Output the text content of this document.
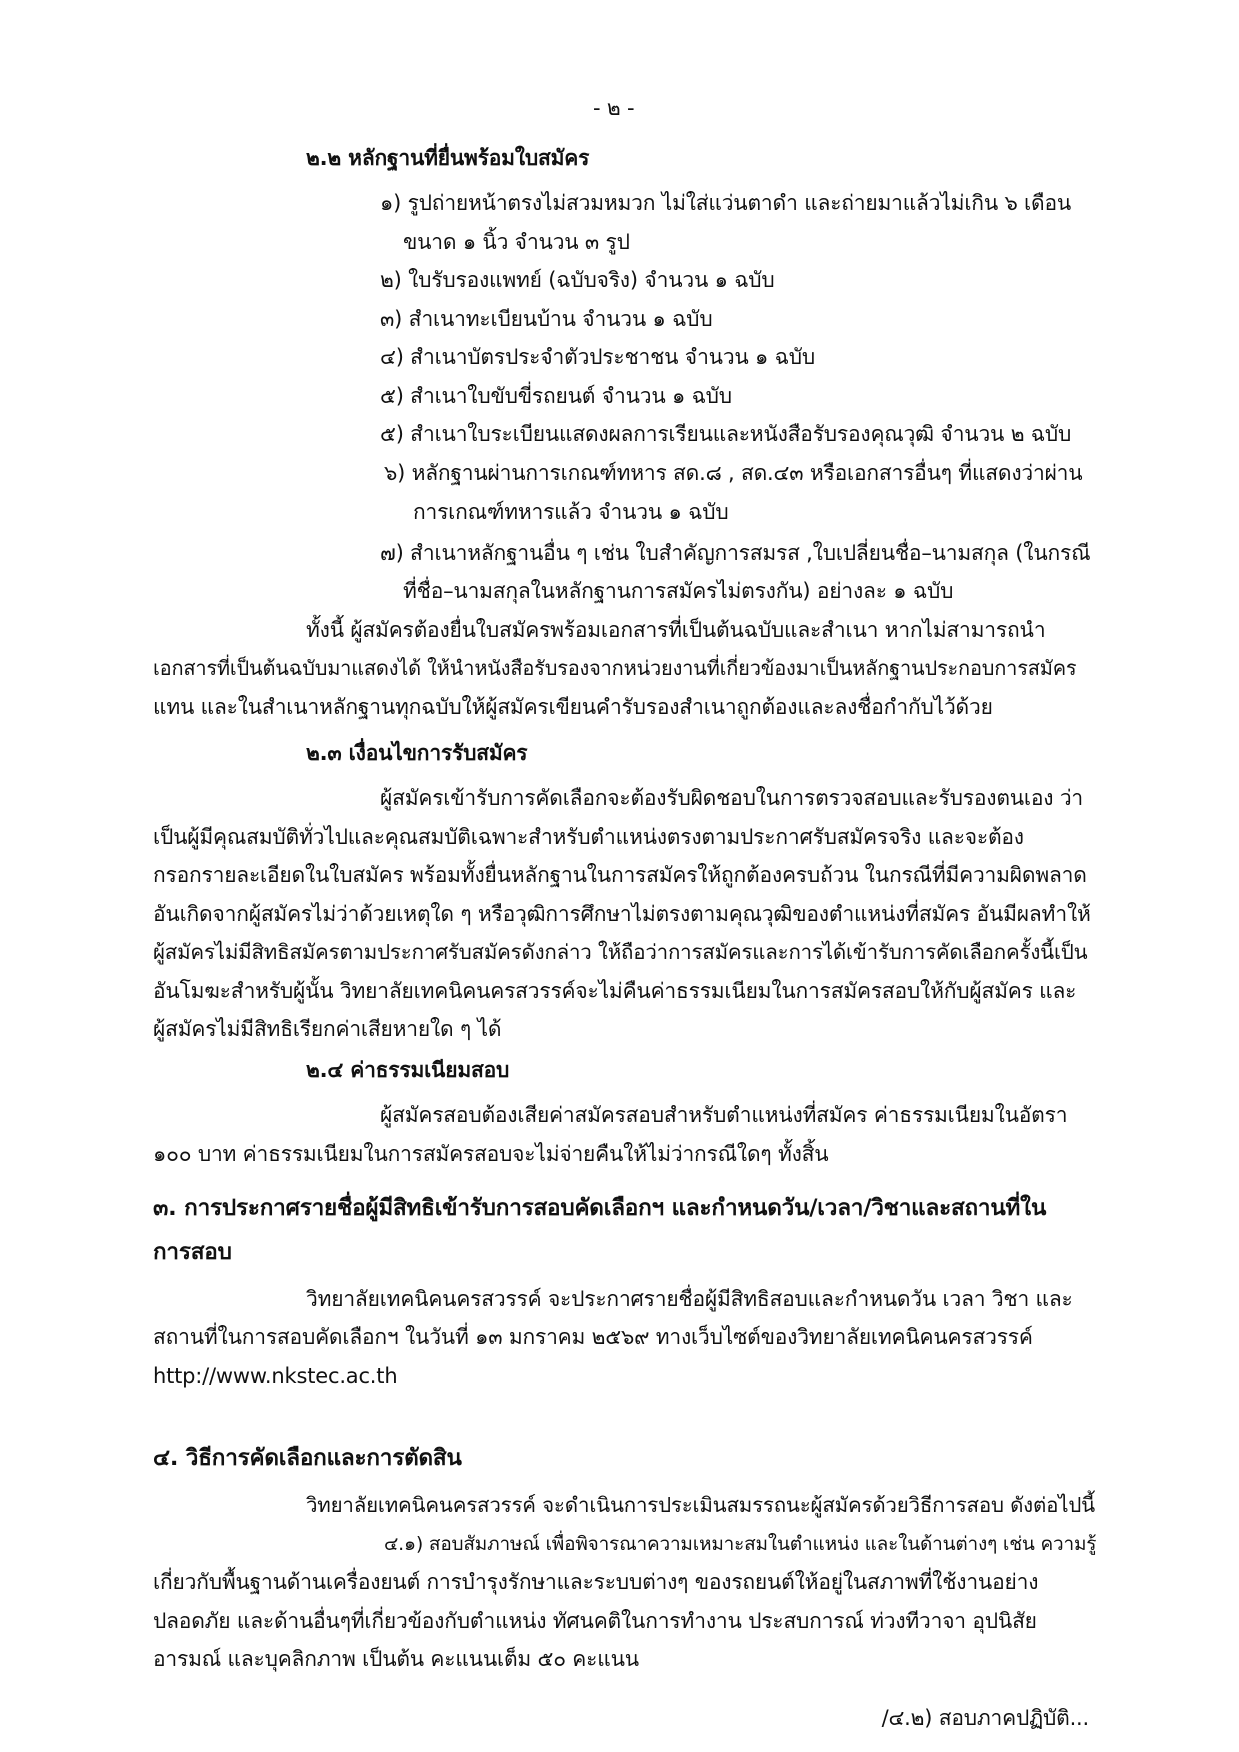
- ๒ -
๒.๒ หลักฐานที่ยื่นพร้อมใบสมัคร
๑) รูปถ่ายหน้าตรงไม่สวมหมวก ไม่ใส่แว่นตาดำ และถ่ายมาแล้วไม่เกิน ๖ เดือน
ขนาด ๑ นิ้ว จำนวน ๓ รูป
๒) ใบรับรองแพทย์ (ฉบับจริง) จำนวน ๑ ฉบับ
๓) สำเนาทะเบียนบ้าน จำนวน ๑ ฉบับ
๔) สำเนาบัตรประจำตัวประชาชน จำนวน ๑ ฉบับ
๕) สำเนาใบขับขี่รถยนต์ จำนวน ๑ ฉบับ
๕) สำเนาใบระเบียนแสดงผลการเรียนและหนังสือรับรองคุณวุฒิ จำนวน ๒ ฉบับ
๖) หลักฐานผ่านการเกณฑ์ทหาร สด.๘ , สด.๔๓ หรือเอกสารอื่นๆ ที่แสดงว่าผ่าน
การเกณฑ์ทหารแล้ว จำนวน ๑ ฉบับ
๗) สำเนาหลักฐานอื่น ๆ เช่น ใบสำคัญการสมรส ,ใบเปลี่ยนชื่อ–นามสกุล (ในกรณี
ที่ชื่อ–นามสกุลในหลักฐานการสมัครไม่ตรงกัน) อย่างละ ๑ ฉบับ
ทั้งนี้ ผู้สมัครต้องยื่นใบสมัครพร้อมเอกสารที่เป็นต้นฉบับและสำเนา หากไม่สามารถนำ
เอกสารที่เป็นต้นฉบับมาแสดงได้ ให้นำหนังสือรับรองจากหน่วยงานที่เกี่ยวข้องมาเป็นหลักฐานประกอบการสมัคร
แทน และในสำเนาหลักฐานทุกฉบับให้ผู้สมัครเขียนคำรับรองสำเนาถูกต้องและลงชื่อกำกับไว้ด้วย
๒.๓ เงื่อนไขการรับสมัคร
ผู้สมัครเข้ารับการคัดเลือกจะต้องรับผิดชอบในการตรวจสอบและรับรองตนเอง ว่า
เป็นผู้มีคุณสมบัติทั่วไปและคุณสมบัติเฉพาะสำหรับตำแหน่งตรงตามประกาศรับสมัครจริง และจะต้อง
กรอกรายละเอียดในใบสมัคร พร้อมทั้งยื่นหลักฐานในการสมัครให้ถูกต้องครบถ้วน ในกรณีที่มีความผิดพลาด
อันเกิดจากผู้สมัครไม่ว่าด้วยเหตุใด ๆ หรือวุฒิการศึกษาไม่ตรงตามคุณวุฒิของตำแหน่งที่สมัคร อันมีผลทำให้
ผู้สมัครไม่มีสิทธิสมัครตามประกาศรับสมัครดังกล่าว ให้ถือว่าการสมัครและการได้เข้ารับการคัดเลือกครั้งนี้เป็น
อันโมฆะสำหรับผู้นั้น วิทยาลัยเทคนิคนครสวรรค์จะไม่คืนค่าธรรมเนียมในการสมัครสอบให้กับผู้สมัคร และ
ผู้สมัครไม่มีสิทธิเรียกค่าเสียหายใด ๆ ได้
๒.๔ ค่าธรรมเนียมสอบ
ผู้สมัครสอบต้องเสียค่าสมัครสอบสำหรับตำแหน่งที่สมัคร ค่าธรรมเนียมในอัตรา
๑๐๐ บาท ค่าธรรมเนียมในการสมัครสอบจะไม่จ่ายคืนให้ไม่ว่ากรณีใดๆ ทั้งสิ้น
๓. การประกาศรายชื่อผู้มีสิทธิเข้ารับการสอบคัดเลือกฯ และกำหนดวัน/เวลา/วิชาและสถานที่ใน
การสอบ
วิทยาลัยเทคนิคนครสวรรค์ จะประกาศรายชื่อผู้มีสิทธิสอบและกำหนดวัน เวลา วิชา และ
สถานที่ในการสอบคัดเลือกฯ ในวันที่ ๑๓ มกราคม ๒๕๖๙ ทางเว็บไซต์ของวิทยาลัยเทคนิคนครสวรรค์
http://www.nkstec.ac.th
๔. วิธีการคัดเลือกและการตัดสิน
วิทยาลัยเทคนิคนครสวรรค์ จะดำเนินการประเมินสมรรถนะผู้สมัครด้วยวิธีการสอบ ดังต่อไปนี้
๔.๑) สอบสัมภาษณ์ เพื่อพิจารณาความเหมาะสมในตำแหน่ง และในด้านต่างๆ เช่น ความรู้
เกี่ยวกับพื้นฐานด้านเครื่องยนต์ การบำรุงรักษาและระบบต่างๆ ของรถยนต์ให้อยู่ในสภาพที่ใช้งานอย่าง
ปลอดภัย และด้านอื่นๆที่เกี่ยวข้องกับตำแหน่ง ทัศนคติในการทำงาน ประสบการณ์ ท่วงทีวาจา อุปนิสัย
อารมณ์ และบุคลิกภาพ เป็นต้น คะแนนเต็ม ๕๐ คะแนน
/๔.๒) สอบภาคปฏิบัติ...
